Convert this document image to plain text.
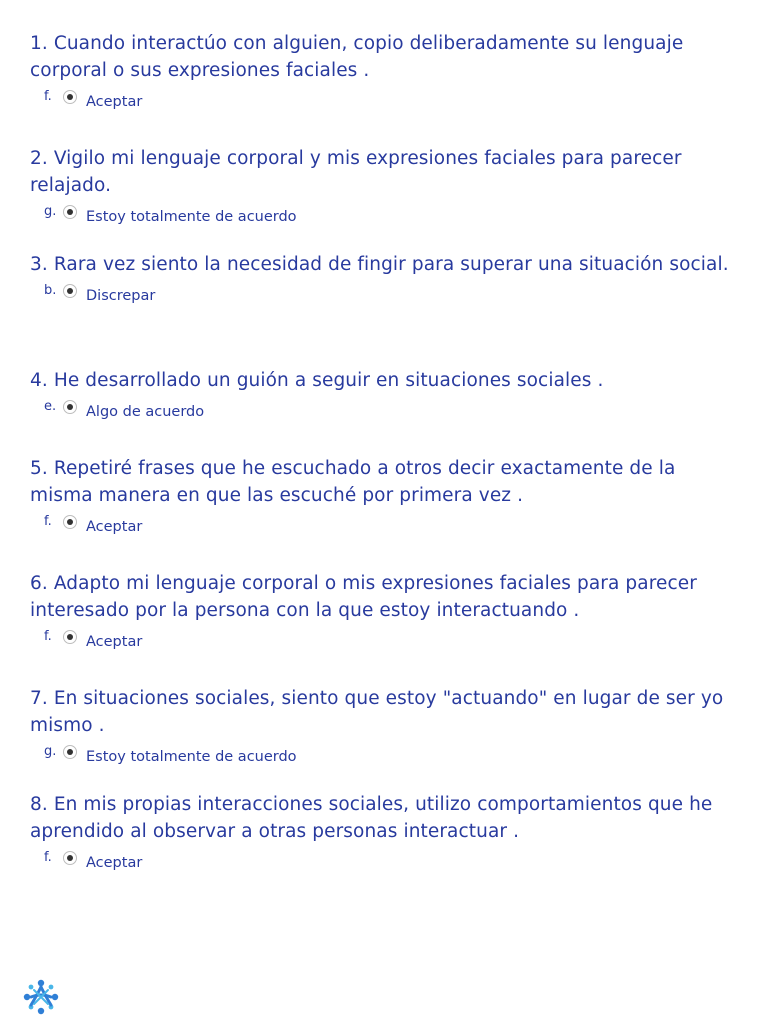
1. Cuando interactúo con alguien, copio deliberadamente su lenguaje corporal o sus expresiones faciales .

f. Aceptar

2. Vigilo mi lenguaje corporal y mis expresiones faciales para parecer relajado.

g. Estoy totalmente de acuerdo

3. Rara vez siento la necesidad de fingir para superar una situación social.

b. Discrepar

4. He desarrollado un guión a seguir en situaciones sociales .

e. Algo de acuerdo

5. Repetiré frases que he escuchado a otros decir exactamente de la misma manera en que las escuché por primera vez .

f. Aceptar

6. Adapto mi lenguaje corporal o mis expresiones faciales para parecer interesado por la persona con la que estoy interactuando .

f. Aceptar

7. En situaciones sociales, siento que estoy "actuando" en lugar de ser yo mismo .

g. Estoy totalmente de acuerdo

8. En mis propias interacciones sociales, utilizo comportamientos que he aprendido al observar a otras personas interactuar .

f. Aceptar
